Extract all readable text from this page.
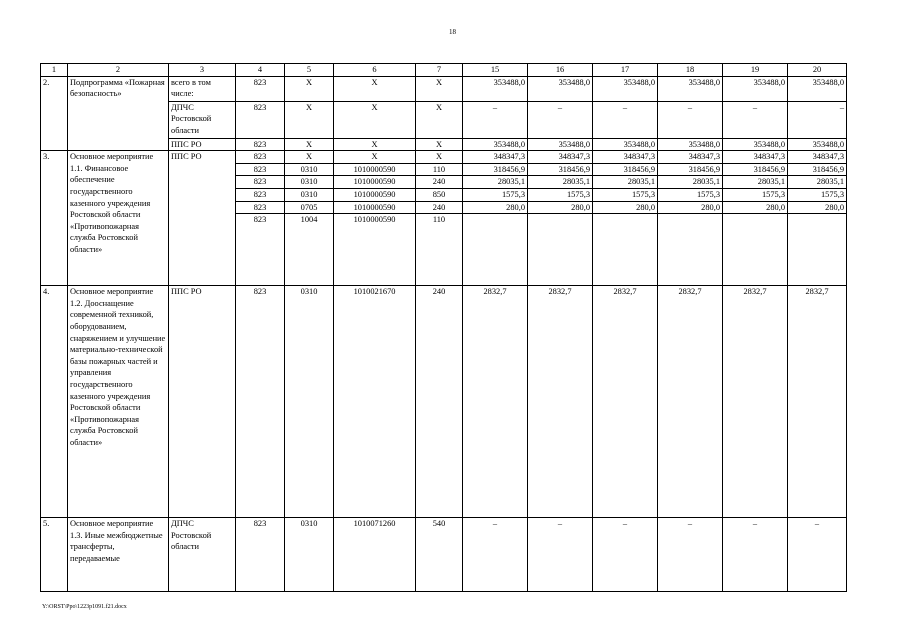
18
1	2	3	4	5	6	7	15	16	17	18	19	20
2.	Подпрограмма «Пожарная безопасность»	всего в том числе:	823	Х	Х	Х	353488,0	353488,0	353488,0	353488,0	353488,0	353488,0
		ДПЧС Ростовской области	823	Х	Х	Х	–	–	–	–	–	–
		ППС РО	823	Х	Х	Х	353488,0	353488,0	353488,0	353488,0	353488,0	353488,0
3.	Основное мероприятие 1.1. Финансовое обеспечение государственного казенного учреждения Ростовской области «Противопожарная служба Ростовской области»	ППС РО	823	Х	Х	Х	348347,3	348347,3	348347,3	348347,3	348347,3	348347,3
			823	0310	1010000590	110	318456,9	318456,9	318456,9	318456,9	318456,9	318456,9
			823	0310	1010000590	240	28035,1	28035,1	28035,1	28035,1	28035,1	28035,1
			823	0310	1010000590	850	1575,3	1575,3	1575,3	1575,3	1575,3	1575,3
			823	0705	1010000590	240	280,0	280,0	280,0	280,0	280,0	280,0
			823	1004	1010000590	110						
4.	Основное мероприятие 1.2. Дооснащение современной техникой, оборудованием, снаряжением и улучшение материально-технической базы пожарных частей и управления государственного казенного учреждения Ростовской области «Противопожарная служба Ростовской области»	ППС РО	823	0310	1010021670	240	2832,7	2832,7	2832,7	2832,7	2832,7	2832,7
5.	Основное мероприятие 1.3. Иные межбюджетные трансферты, передаваемые	ДПЧС Ростовской области	823	0310	1010071260	540	–	–	–	–	–	–
Y:\ORST\Ppo\1223p1091.f21.docx
